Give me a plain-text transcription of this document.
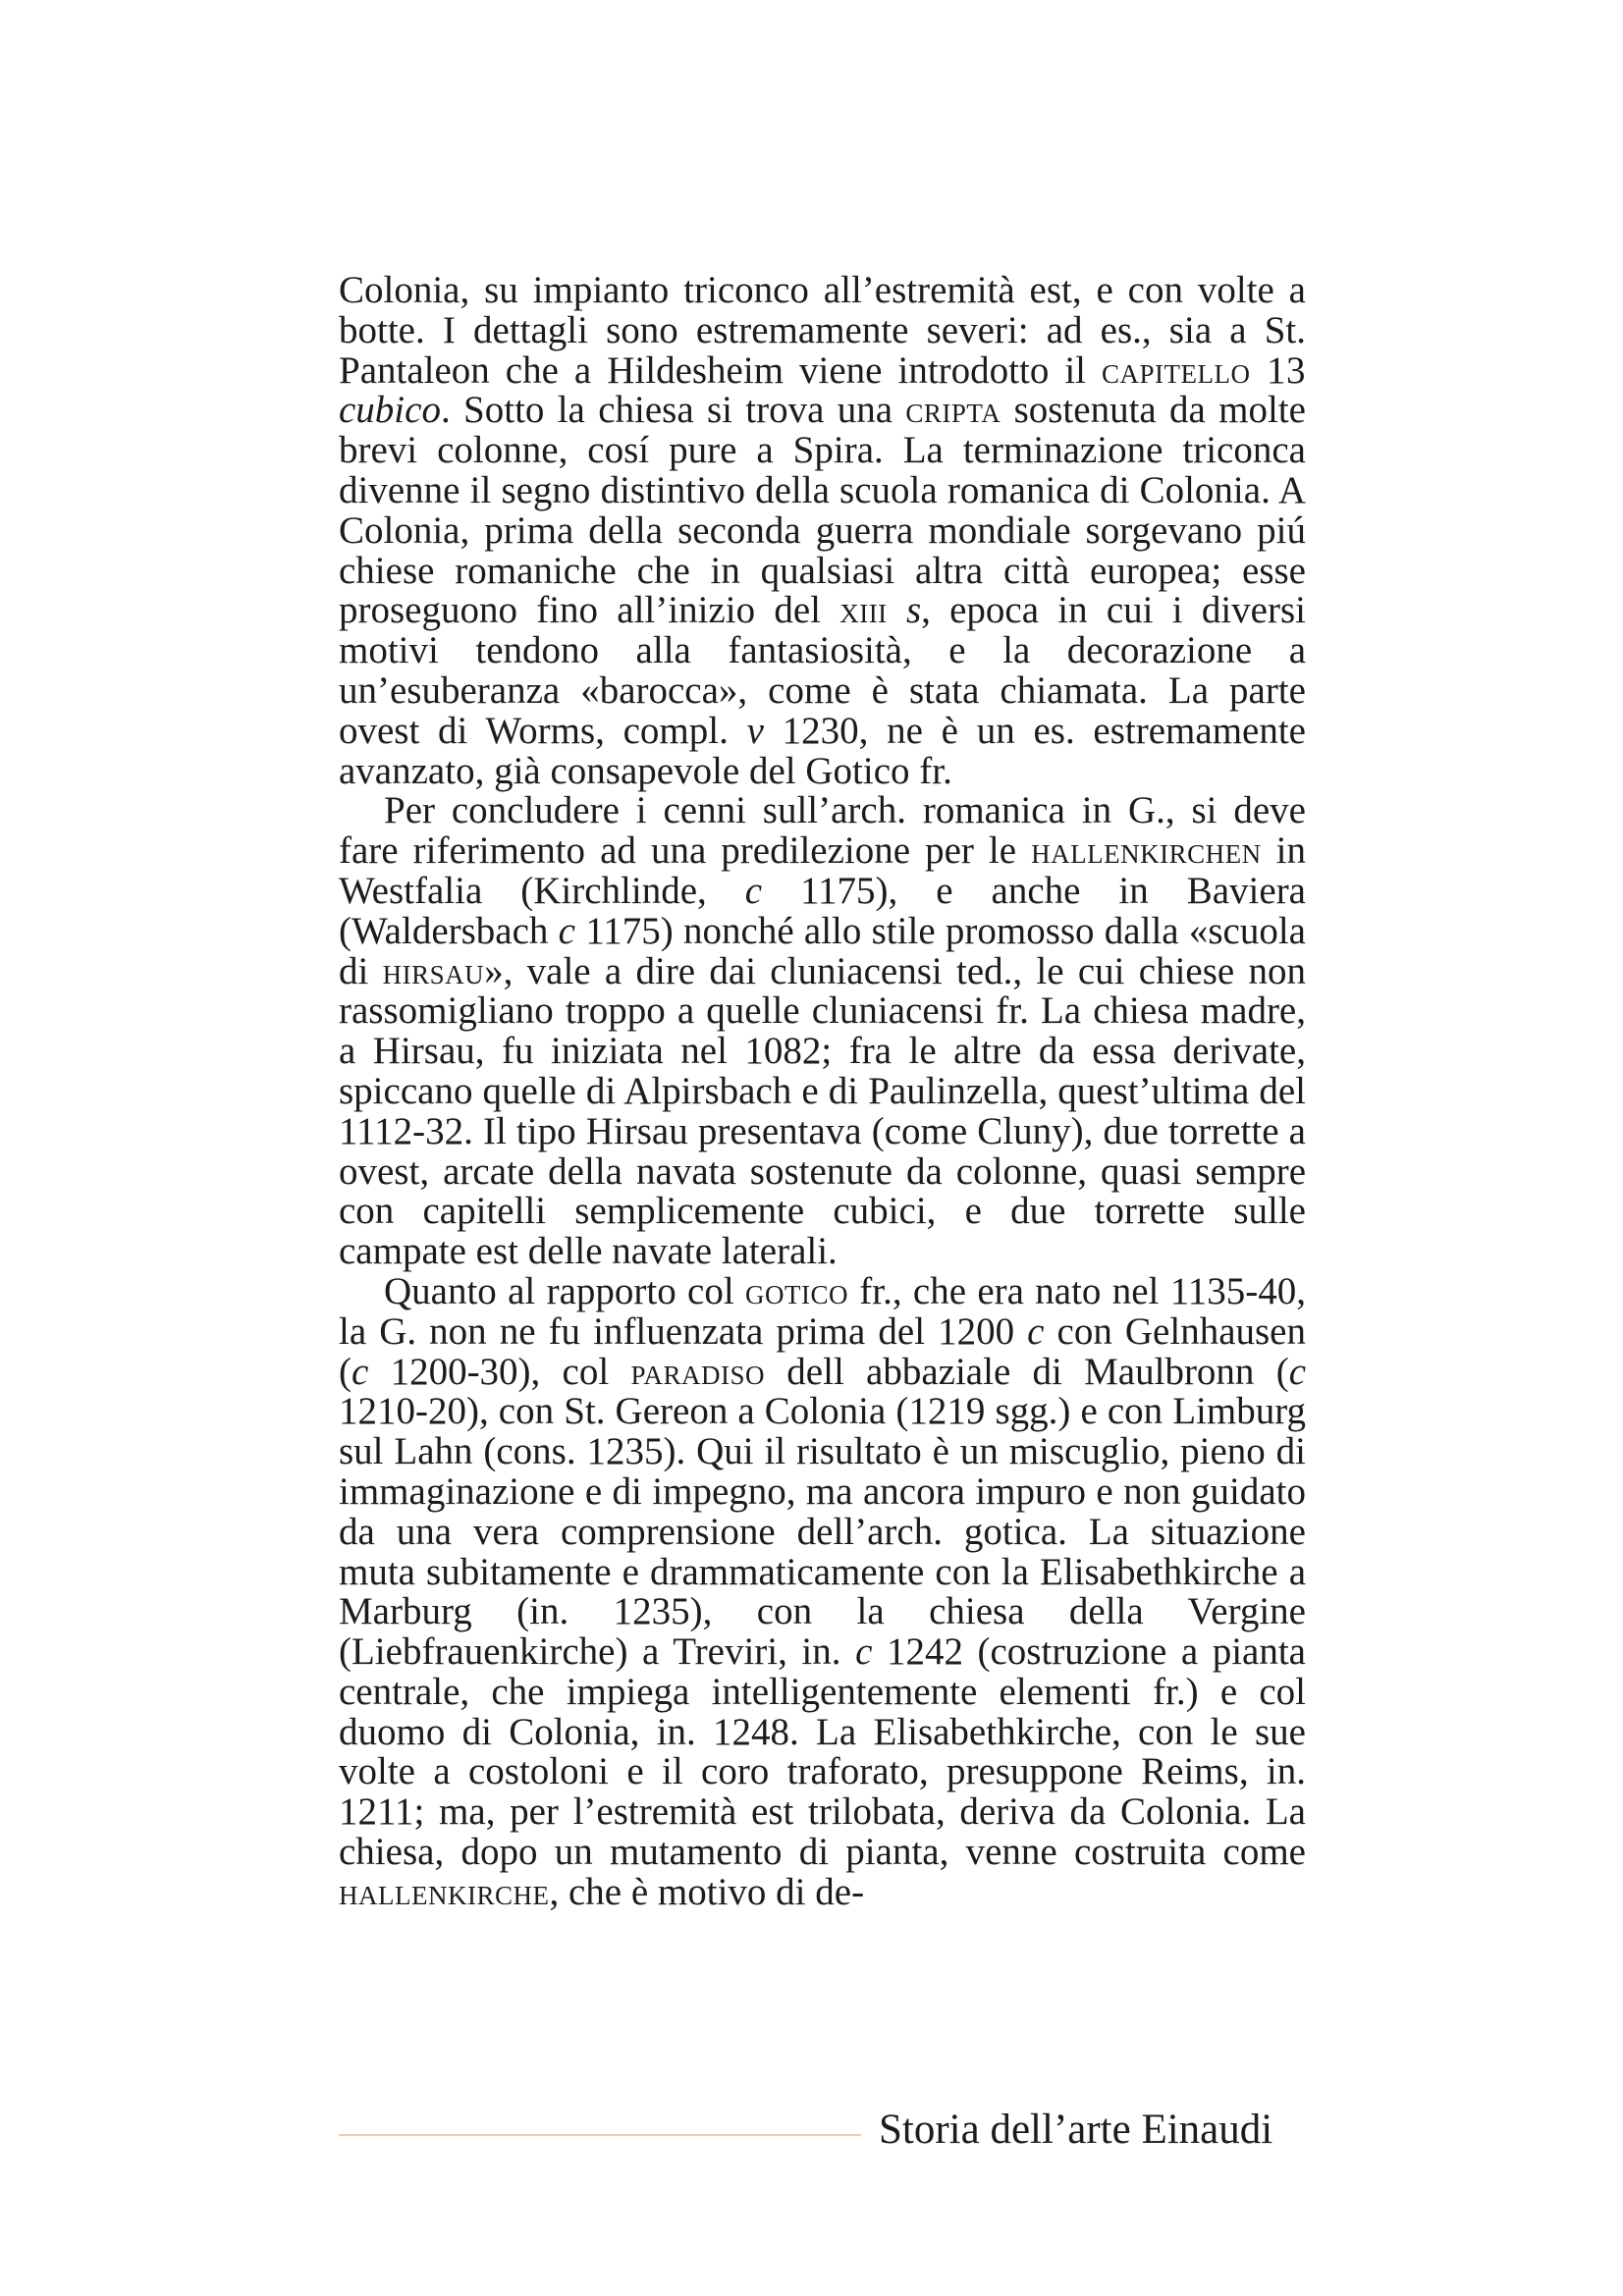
Colonia, su impianto triconco all’estremità est, e con volte a botte. I dettagli sono estremamente severi: ad es., sia a St. Pantaleon che a Hildesheim viene introdotto il capitello 13 cubico. Sotto la chiesa si trova una cripta sostenuta da molte brevi colonne, cosí pure a Spira. La terminazione triconca divenne il segno distintivo della scuola romanica di Colonia. A Colonia, prima della seconda guerra mondiale sorgevano piú chiese romaniche che in qualsiasi altra città europea; esse proseguono fino all’inizio del xiii s, epoca in cui i diversi motivi tendono alla fantasiosità, e la decorazione a un’esuberanza «barocca», come è stata chiamata. La parte ovest di Worms, compl. v 1230, ne è un es. estremamente avanzato, già consapevole del Gotico fr.

Per concludere i cenni sull’arch. romanica in G., si deve fare riferimento ad una predilezione per le hallenkirchen in Westfalia (Kirchlinde, c 1175), e anche in Baviera (Waldersbach c 1175) nonché allo stile promosso dalla «scuola di hirsau», vale a dire dai cluniacensi ted., le cui chiese non rassomigliano troppo a quelle cluniacensi fr. La chiesa madre, a Hirsau, fu iniziata nel 1082; fra le altre da essa derivate, spiccano quelle di Alpirsbach e di Paulinzella, quest’ultima del 1112-32. Il tipo Hirsau presentava (come Cluny), due torrette a ovest, arcate della navata sostenute da colonne, quasi sempre con capitelli semplicemente cubici, e due torrette sulle campate est delle navate laterali.

Quanto al rapporto col gotico fr., che era nato nel 1135-40, la G. non ne fu influenzata prima del 1200 c con Gelnhausen (c 1200-30), col paradiso dell abbaziale di Maulbronn (c 1210-20), con St. Gereon a Colonia (1219 sgg.) e con Limburg sul Lahn (cons. 1235). Qui il risultato è un miscuglio, pieno di immaginazione e di impegno, ma ancora impuro e non guidato da una vera comprensione dell’arch. gotica. La situazione muta subitamente e drammaticamente con la Elisabethkirche a Marburg (in. 1235), con la chiesa della Vergine (Liebfrauenkirche) a Treviri, in. c 1242 (costruzione a pianta centrale, che impiega intelligentemente elementi fr.) e col duomo di Colonia, in. 1248. La Elisabethkirche, con le sue volte a costoloni e il coro traforato, presuppone Reims, in. 1211; ma, per l’estremità est trilobata, deriva da Colonia. La chiesa, dopo un mutamento di pianta, venne costruita come hallenkirche, che è motivo di de-

Storia dell’arte Einaudi
